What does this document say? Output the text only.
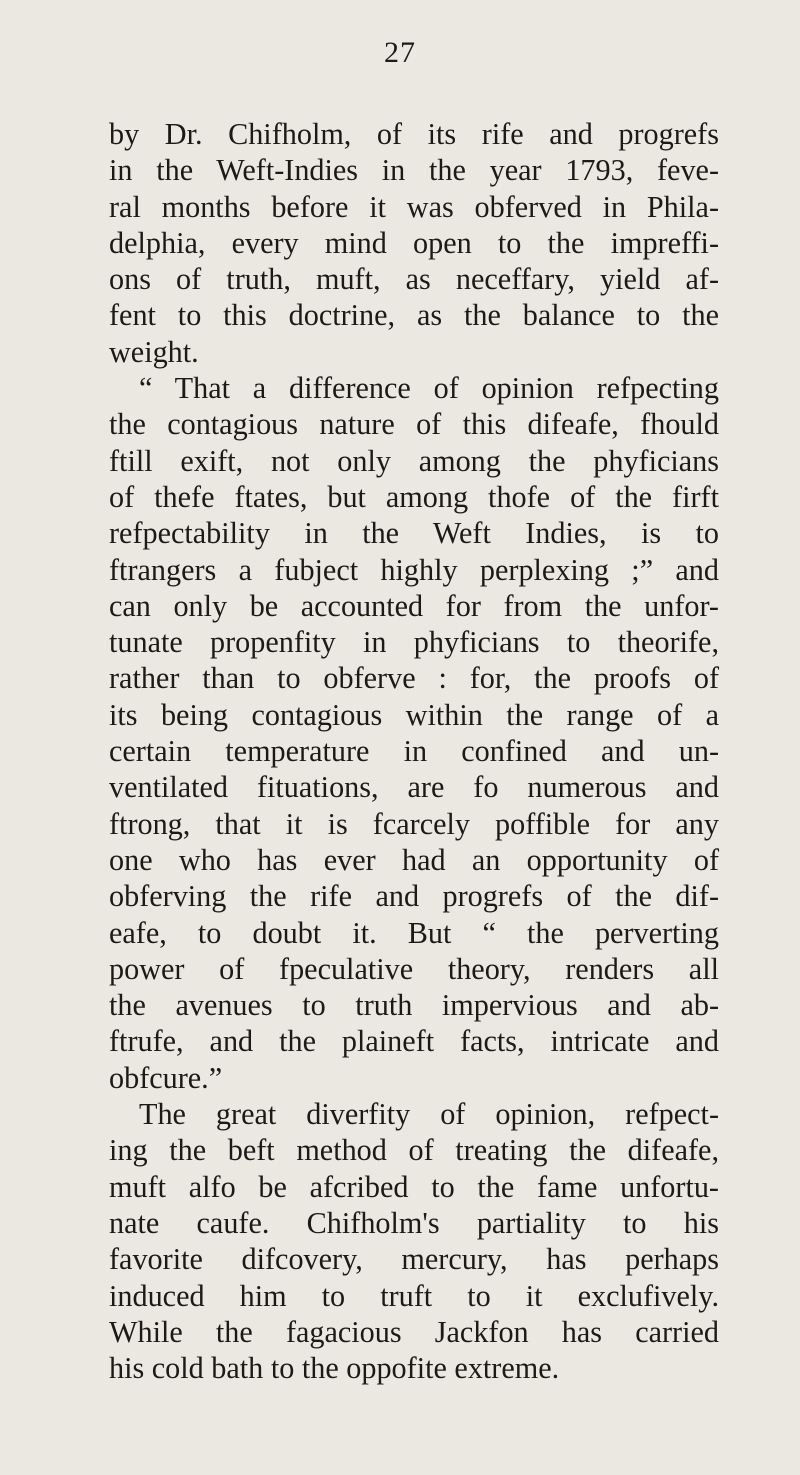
27
by Dr. Chifholm, of its rife and progrefs
in the Weft-Indies in the year 1793, feve-
ral months before it was obferved in Phila-
delphia, every mind open to the impreffi-
ons of truth, muft, as neceffary, yield af-
fent to this doctrine, as the balance to the
weight.
“ That a difference of opinion refpecting
the contagious nature of this difeafe, fhould
ftill exift, not only among the phyficians
of thefe ftates, but among thofe of the firft
refpectability in the Weft Indies, is to
ftrangers a fubject highly perplexing ;” and
can only be accounted for from the unfor-
tunate propenfity in phyficians to theorife,
rather than to obferve : for, the proofs of
its being contagious within the range of a
certain temperature in confined and un-
ventilated fituations, are fo numerous and
ftrong, that it is fcarcely poffible for any
one who has ever had an opportunity of
obferving the rife and progrefs of the dif-
eafe, to doubt it. But “ the perverting
power of fpeculative theory, renders all
the avenues to truth impervious and ab-
ftrufe, and the plaineft facts, intricate and
obfcure.”
The great diverfity of opinion, refpect-
ing the beft method of treating the difeafe,
muft alfo be afcribed to the fame unfortu-
nate caufe. Chifholm's partiality to his
favorite difcovery, mercury, has perhaps
induced him to truft to it exclufively.
While the fagacious Jackfon has carried
his cold bath to the oppofite extreme.
